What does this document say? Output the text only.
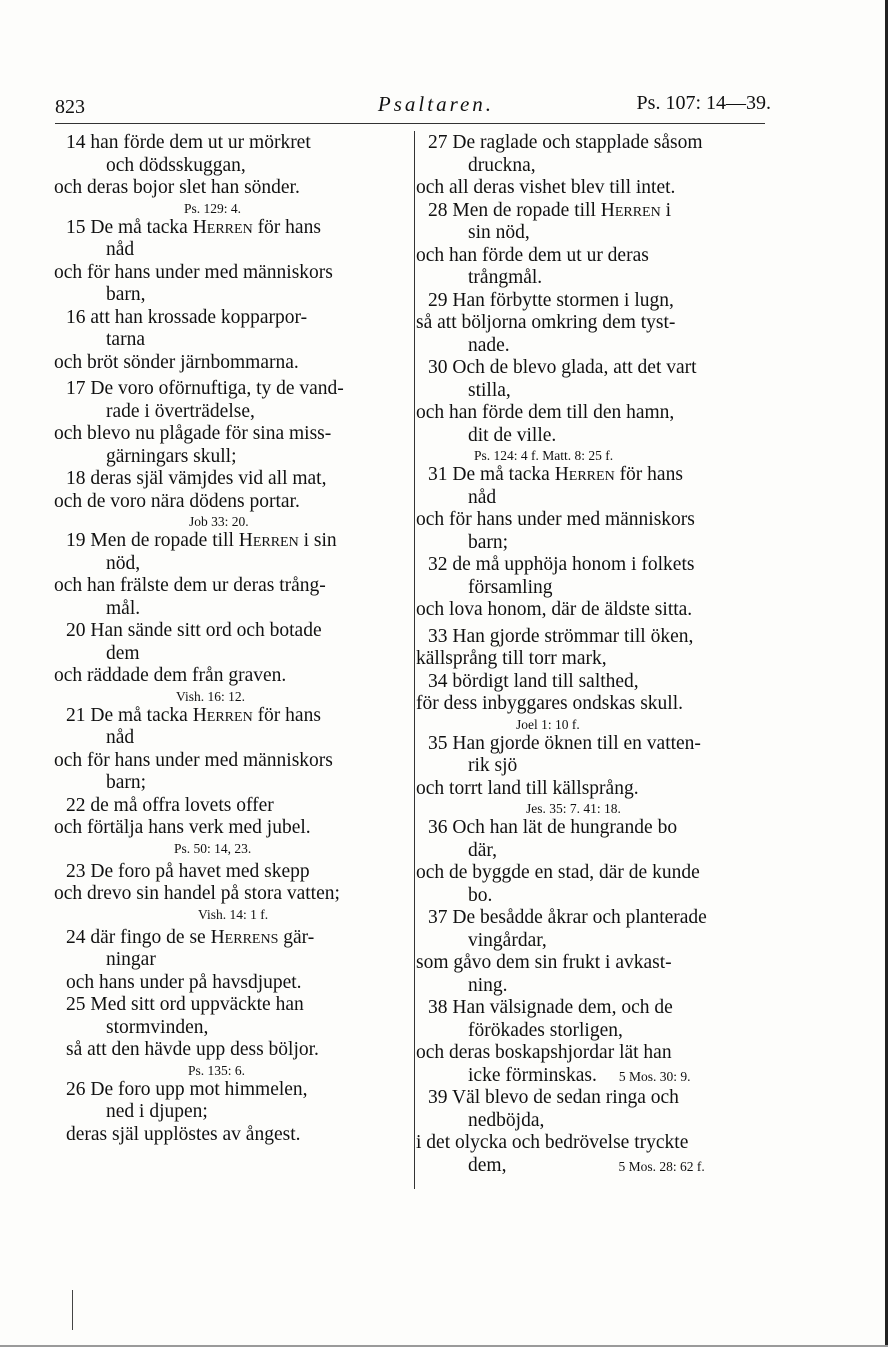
823	Psaltaren.	Ps. 107: 14—39.
14 han förde dem ut ur mörkret
och dödsskuggan,
och deras bojor slet han sönder.
Ps. 129: 4.
15 De må tacka Herren för hans
nåd
och för hans under med människors
barn,
16 att han krossade kopparpor-
tarna
och bröt sönder järnbommarna.
17 De voro oförnuftiga, ty de vand-
rade i överträdelse,
och blevo nu plågade för sina miss-
gärningars skull;
18 deras själ vämjdes vid all mat,
och de voro nära dödens portar.
Job 33: 20.
19 Men de ropade till Herren i sin
nöd,
och han frälste dem ur deras trång-
mål.
20 Han sände sitt ord och botade
dem
och räddade dem från graven.
Vish. 16: 12.
21 De må tacka Herren för hans
nåd
och för hans under med människors
barn;
22 de må offra lovets offer
och förtälja hans verk med jubel.
Ps. 50: 14, 23.
23 De foro på havet med skepp
och drevo sin handel på stora vatten;
Vish. 14: 1 f.
24 där fingo de se Herrens gär-
ningar
och hans under på havsdjupet.
25 Med sitt ord uppväckte han
stormvinden,
så att den hävde upp dess böljor.
Ps. 135: 6.
26 De foro upp mot himmelen,
ned i djupen;
deras själ upplöstes av ångest.
27 De raglade och stapplade såsom
druckna,
och all deras vishet blev till intet.
28 Men de ropade till Herren i
sin nöd,
och han förde dem ut ur deras
trångmål.
29 Han förbytte stormen i lugn,
så att böljorna omkring dem tyst-
nade.
30 Och de blevo glada, att det vart
stilla,
och han förde dem till den hamn,
dit de ville.
Ps. 124: 4 f. Matt. 8: 25 f.
31 De må tacka Herren för hans
nåd
och för hans under med människors
barn;
32 de må upphöja honom i folkets
församling
och lova honom, där de äldste sitta.
33 Han gjorde strömmar till öken,
källsprång till torr mark,
34 bördigt land till salthed,
för dess inbyggares ondskas skull.
Joel 1: 10 f.
35 Han gjorde öknen till en vatten-
rik sjö
och torrt land till källsprång.
Jes. 35: 7. 41: 18.
36 Och han lät de hungrande bo
där,
och de byggde en stad, där de kunde
bo.
37 De besådde åkrar och planterade
vingårdar,
som gåvo dem sin frukt i avkast-
ning.
38 Han välsignade dem, och de
förökades storligen,
och deras boskapshjordar lät han
icke förminskas. 5 Mos. 30: 9.
39 Väl blevo de sedan ringa och
nedböjda,
i det olycka och bedrövelse tryckte
dem,	5 Mos. 28: 62 f.
